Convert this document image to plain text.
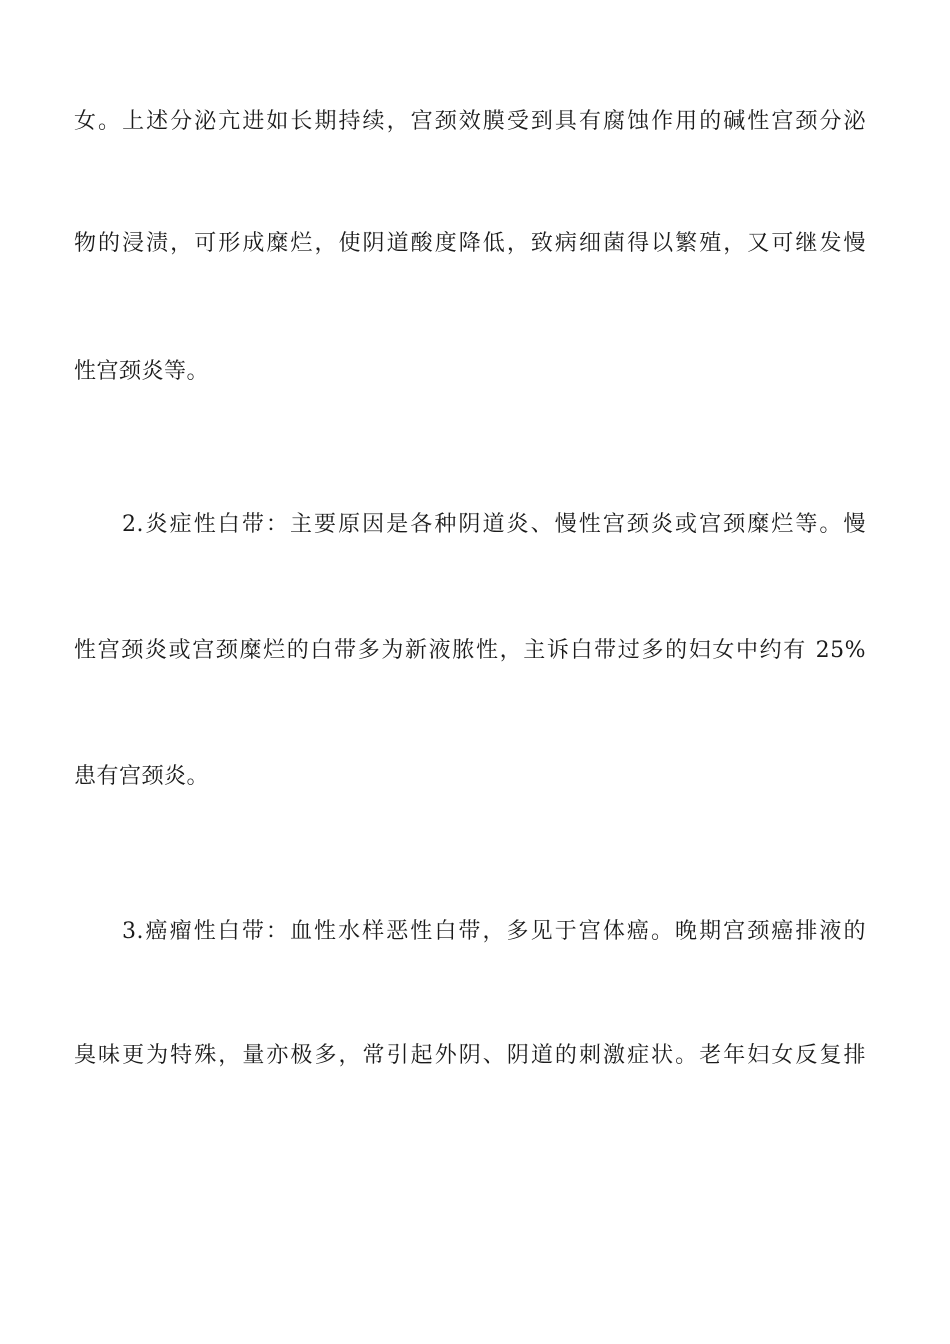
女。上述分泌亢进如长期持续，宫颈效膜受到具有腐蚀作用的碱性宫颈分泌
物的浸渍，可形成糜烂，使阴道酸度降低，致病细菌得以繁殖，又可继发慢
性宫颈炎等。
2.炎症性白带：主要原因是各种阴道炎、慢性宫颈炎或宫颈糜烂等。慢
性宫颈炎或宫颈糜烂的白带多为新液脓性，主诉白带过多的妇女中约有 25%
患有宫颈炎。
3.癌瘤性白带：血性水样恶性白带，多见于宫体癌。晚期宫颈癌排液的
臭味更为特殊，量亦极多，常引起外阴、阴道的刺激症状。老年妇女反复排
